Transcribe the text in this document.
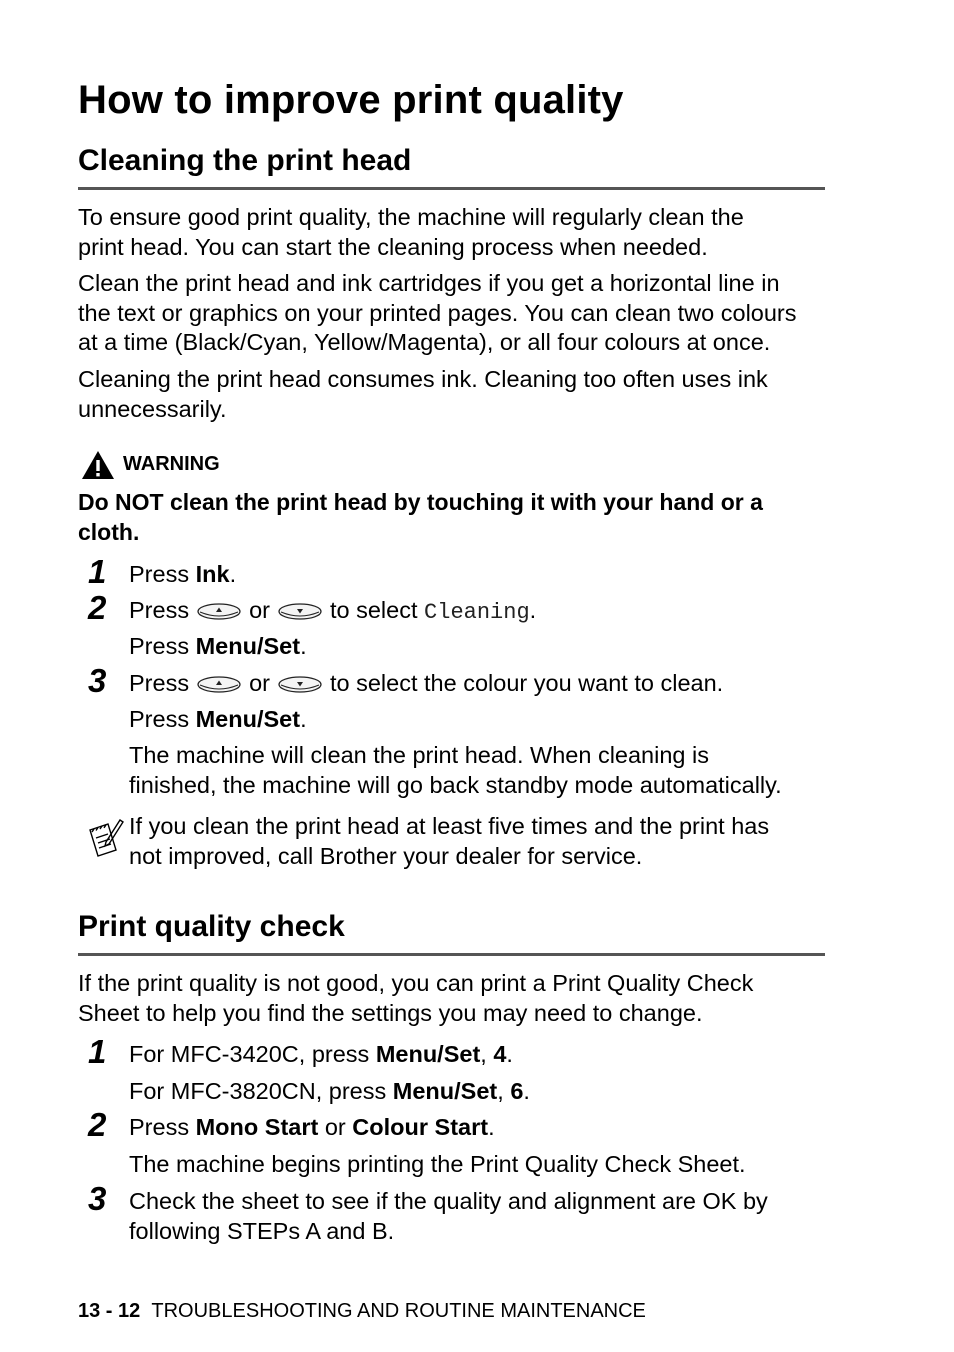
How to improve print quality
Cleaning the print head
To ensure good print quality, the machine will regularly clean the
print head. You can start the cleaning process when needed.
Clean the print head and ink cartridges if you get a horizontal line in
the text or graphics on your printed pages. You can clean two colours
at a time (Black/Cyan, Yellow/Magenta), or all four colours at once.
Cleaning the print head consumes ink. Cleaning too often uses ink
unnecessarily.
WARNING
Do NOT clean the print head by touching it with your hand or a
cloth.
1 Press Ink.
2 Press	or	to select Cleaning.
Press Menu/Set.
3 Press	or	to select the colour you want to clean.
Press Menu/Set.
The machine will clean the print head. When cleaning is
finished, the machine will go back standby mode automatically.
If you clean the print head at least five times and the print has
not improved, call Brother your dealer for service.
Print quality check
If the print quality is not good, you can print a Print Quality Check
Sheet to help you find the settings you may need to change.
1 For MFC-3420C, press Menu/Set, 4.
For MFC-3820CN, press Menu/Set, 6.
2 Press Mono Start or Colour Start.
The machine begins printing the Print Quality Check Sheet.
3 Check the sheet to see if the quality and alignment are OK by
following STEPs A and B.
13 - 12 TROUBLESHOOTING AND ROUTINE MAINTENANCE
